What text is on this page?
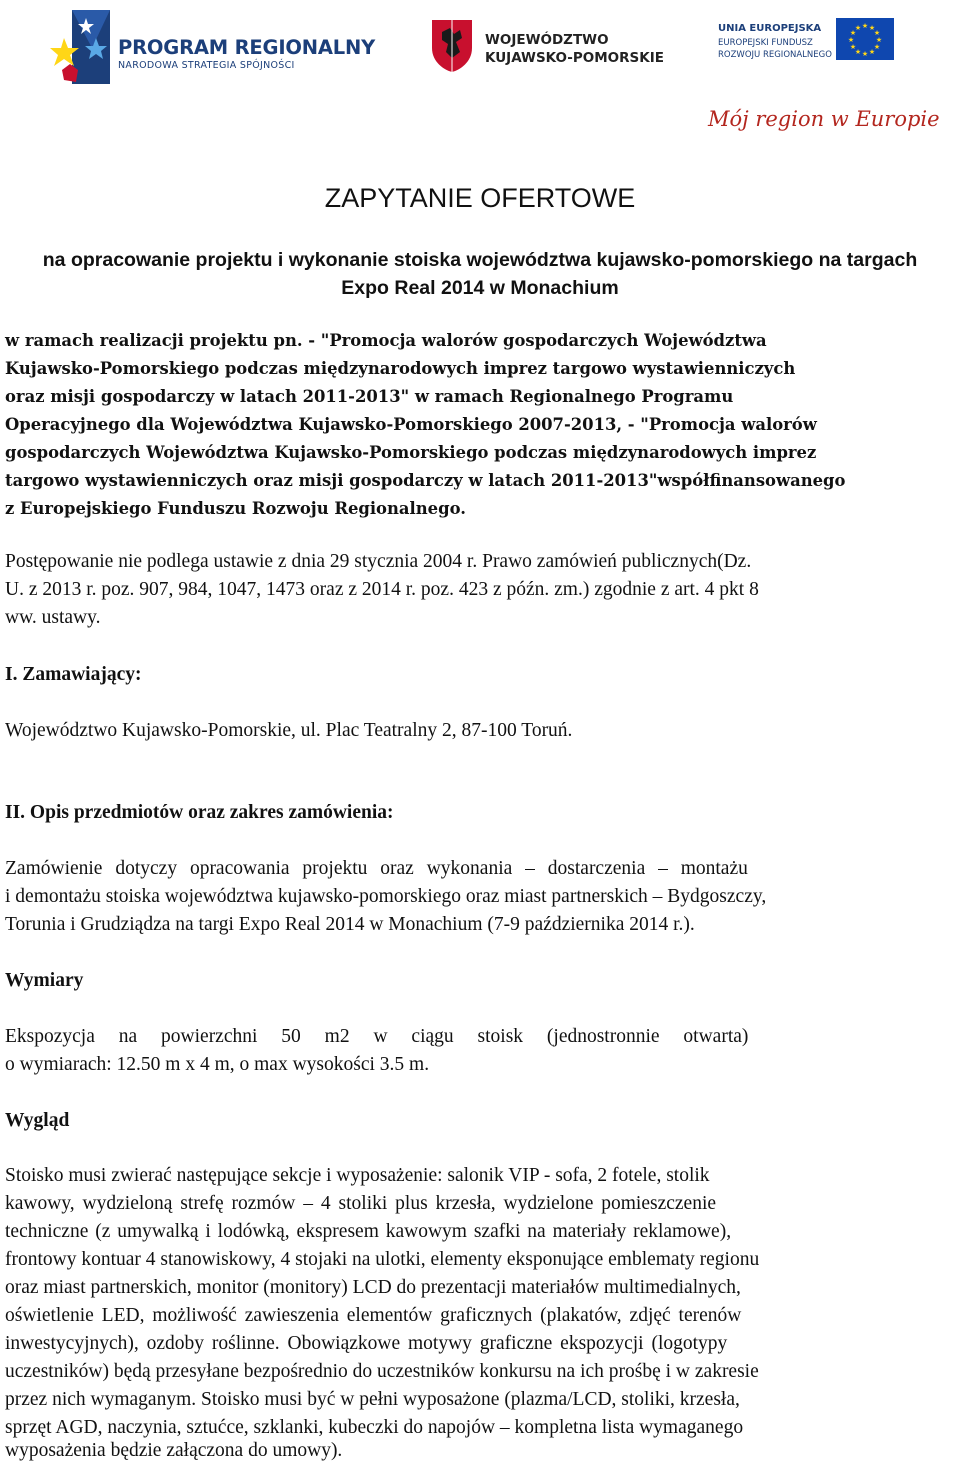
PROGRAM REGIONALNY
NARODOWA STRATEGIA SPÓJNOŚCI
WOJEWÓDZTWO
KUJAWSKO-POMORSKIE
UNIA EUROPEJSKA
EUROPEJSKI FUNDUSZ
ROZWOJU REGIONALNEGO
★ ★
★
★
★
★
★
★
★
★
★
★
Mój region w Europie
ZAPYTANIE OFERTOWE
na opracowanie projektu i wykonanie stoiska województwa kujawsko-pomorskiego na targach Expo Real 2014 w Monachium
w ramach realizacji projektu pn. - "Promocja walorów gospodarczych Województwa
Kujawsko-Pomorskiego podczas międzynarodowych imprez targowo wystawienniczych
oraz misji gospodarczy w latach 2011-2013" w ramach Regionalnego Programu
Operacyjnego dla Województwa Kujawsko-Pomorskiego 2007-2013, - "Promocja walorów
gospodarczych Województwa Kujawsko-Pomorskiego podczas międzynarodowych imprez
targowo wystawienniczych oraz misji gospodarczy w latach 2011-2013"współfinansowanego
z Europejskiego Funduszu Rozwoju Regionalnego.
Postępowanie nie podlega ustawie z dnia 29 stycznia 2004 r. Prawo zamówień publicznych(Dz.
U. z 2013 r. poz. 907, 984, 1047, 1473 oraz z 2014 r. poz. 423 z późn. zm.) zgodnie z art. 4 pkt 8
ww. ustawy.
I. Zamawiający:
Województwo Kujawsko-Pomorskie, ul. Plac Teatralny 2, 87-100 Toruń.
II. Opis przedmiotów oraz zakres zamówienia:
Zamówienie dotyczy opracowania projektu oraz wykonania – dostarczenia – montażu
i demontażu stoiska województwa kujawsko-pomorskiego oraz miast partnerskich – Bydgoszczy,
Torunia i Grudziądza na targi Expo Real 2014 w Monachium (7-9 października 2014 r.).
Wymiary
Ekspozycja na powierzchni 50 m2 w ciągu stoisk (jednostronnie otwarta)
o wymiarach: 12.50 m x 4 m, o max wysokości 3.5 m.
Wygląd
Stoisko musi zwierać następujące sekcje i wyposażenie: salonik VIP - sofa, 2 fotele, stolik
kawowy, wydzieloną strefę rozmów – 4 stoliki plus krzesła, wydzielone pomieszczenie
techniczne (z umywalką i lodówką, ekspresem kawowym szafki na materiały reklamowe),
frontowy kontuar 4 stanowiskowy, 4 stojaki na ulotki, elementy eksponujące emblematy regionu
oraz miast partnerskich, monitor (monitory) LCD do prezentacji materiałów multimedialnych,
oświetlenie LED, możliwość zawieszenia elementów graficznych (plakatów, zdjęć terenów
inwestycyjnych), ozdoby roślinne. Obowiązkowe motywy graficzne ekspozycji (logotypy
uczestników) będą przesyłane bezpośrednio do uczestników konkursu na ich prośbę i w zakresie
przez nich wymaganym. Stoisko musi być w pełni wyposażone (plazma/LCD, stoliki, krzesła,
sprzęt AGD, naczynia, sztućce, szklanki, kubeczki do napojów – kompletna lista wymaganego
wyposażenia będzie załączona do umowy).
